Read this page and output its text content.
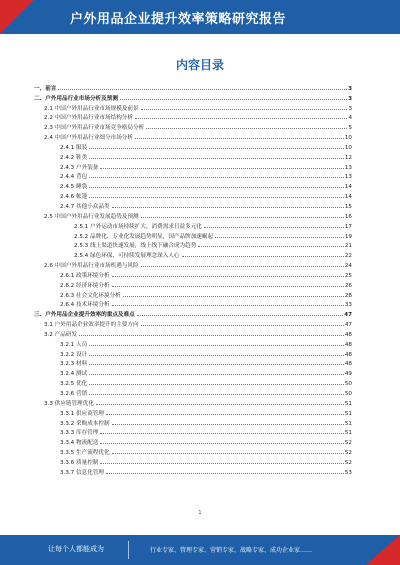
户外用品企业提升效率策略研究报告
内容目录
一、前言	3
二、户外用品行业市场分析及预测	3
2.1 中国户外用品行业市场规模及前景	3
2.2 中国户外用品行业市场结构分析	4
2.3 中国户外用品行业市场竞争格局分析	5
2.4 中国户外用品行业细分市场分析	10
2.4.1 服装	10
2.4.2 鞋类	12
2.4.3 户外装备	13
2.4.4 背包	13
2.4.5 睡袋	14
2.4.6 帐篷	14
2.4.7 其他小众品类	15
2.5 中国户外用品行业发展趋势及预测	16
2.5.1 户外运动市场持续扩大，消费需求日益多元化	17
2.5.2 品牌化、专业化发展趋势明显，国产品牌加速崛起	19
2.5.3 线上渠道快速发展，线上线下融合成为趋势	21
2.5.4 绿色环保、可持续发展理念深入人心	22
2.6 中国户外用品行业市场机遇与风险	24
2.6.1 政策环境分析	25
2.6.2 经济环境分析	26
2.6.3 社会文化环境分析	28
2.6.4 技术环境分析	33
三、户外用品企业提升效率的重点及难点	47
3.1 户外用品企业效率提升的主要方向	47
3.2 产品研发	48
3.2.1 人员	48
3.2.2 设计	48
3.2.3 材料	48
3.2.4 测试	49
3.2.5 优化	50
3.2.6 营销	50
3.3 供应链管理优化	51
3.3.1 供应商管理	51
3.3.2 采购成本控制	51
3.3.3 库存管理	51
3.3.4 物流配送	52
3.3.5 生产流程优化	52
3.3.6 质量控制	52
3.3.7 信息化管理	53
1
让每个人都能成为	行业专家、管理专家、营销专家、战略专家、成功企业家……
